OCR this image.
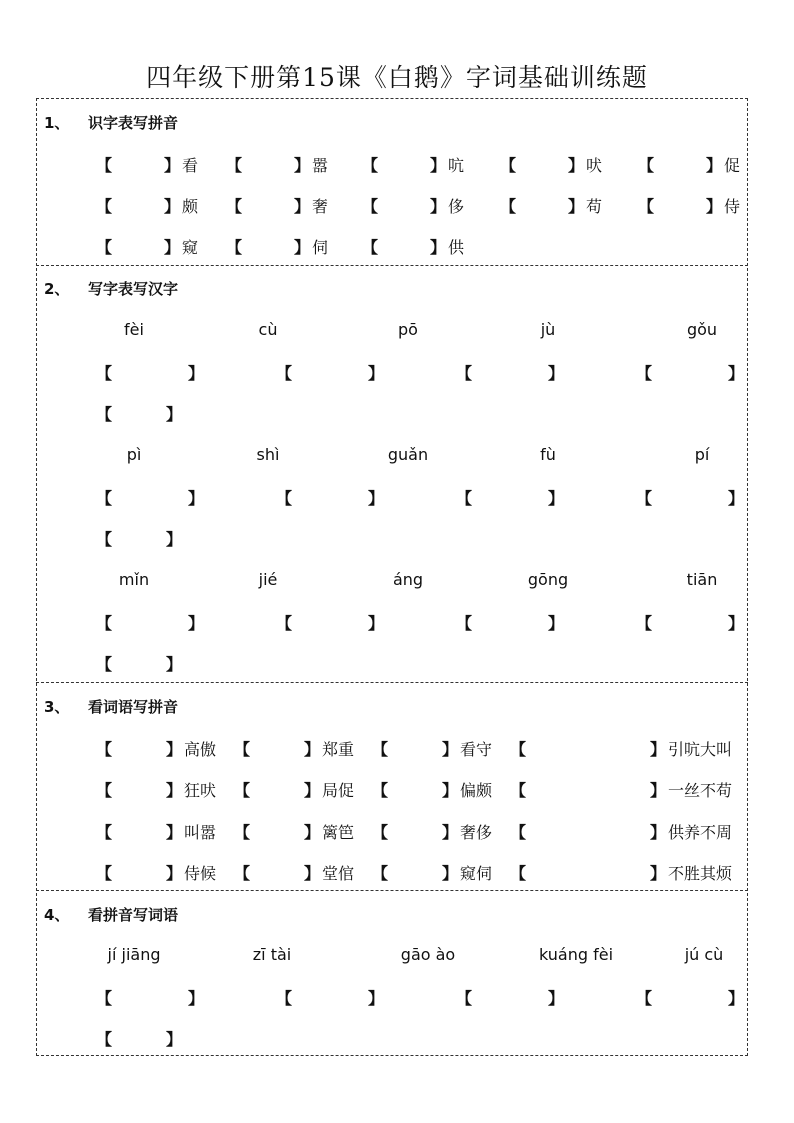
四年级下册第15课《白鹅》字词基础训练题
1、 识字表写拼音
【	】 看 【	】 嚣 【	】 吭 【	】 吠 【	】 促
【	】 颇 【	】 奢 【	】 侈 【	】 苟 【	】 侍
【	】 窥 【	】 伺 【	】 供
2、 写字表写汉字
fèi	cù	pō	jù	gǒu
【	】	【	】	【	】	【	】
【	】
pì	shì	guǎn	fù	pí
【	】	【	】	【	】	【	】
【	】
mǐn	jié	áng	gōng	tiān
【	】	【	】	【	】	【	】
【	】
3、 看词语写拼音
【	】 高傲 【	】 郑重 【	】 看守 【	】 引吭大叫
【	】 狂吠 【	】 局促 【	】 偏颇 【	】 一丝不苟
【	】 叫嚣 【	】 篱笆 【	】 奢侈 【	】 供养不周
【	】 侍候 【	】 堂倌 【	】 窥伺 【	】 不胜其烦
4、 看拼音写词语
jí jiāng	zī tài	gāo ào	kuáng fèi	jú cù
【	】	【	】	【	】	【	】
【	】
